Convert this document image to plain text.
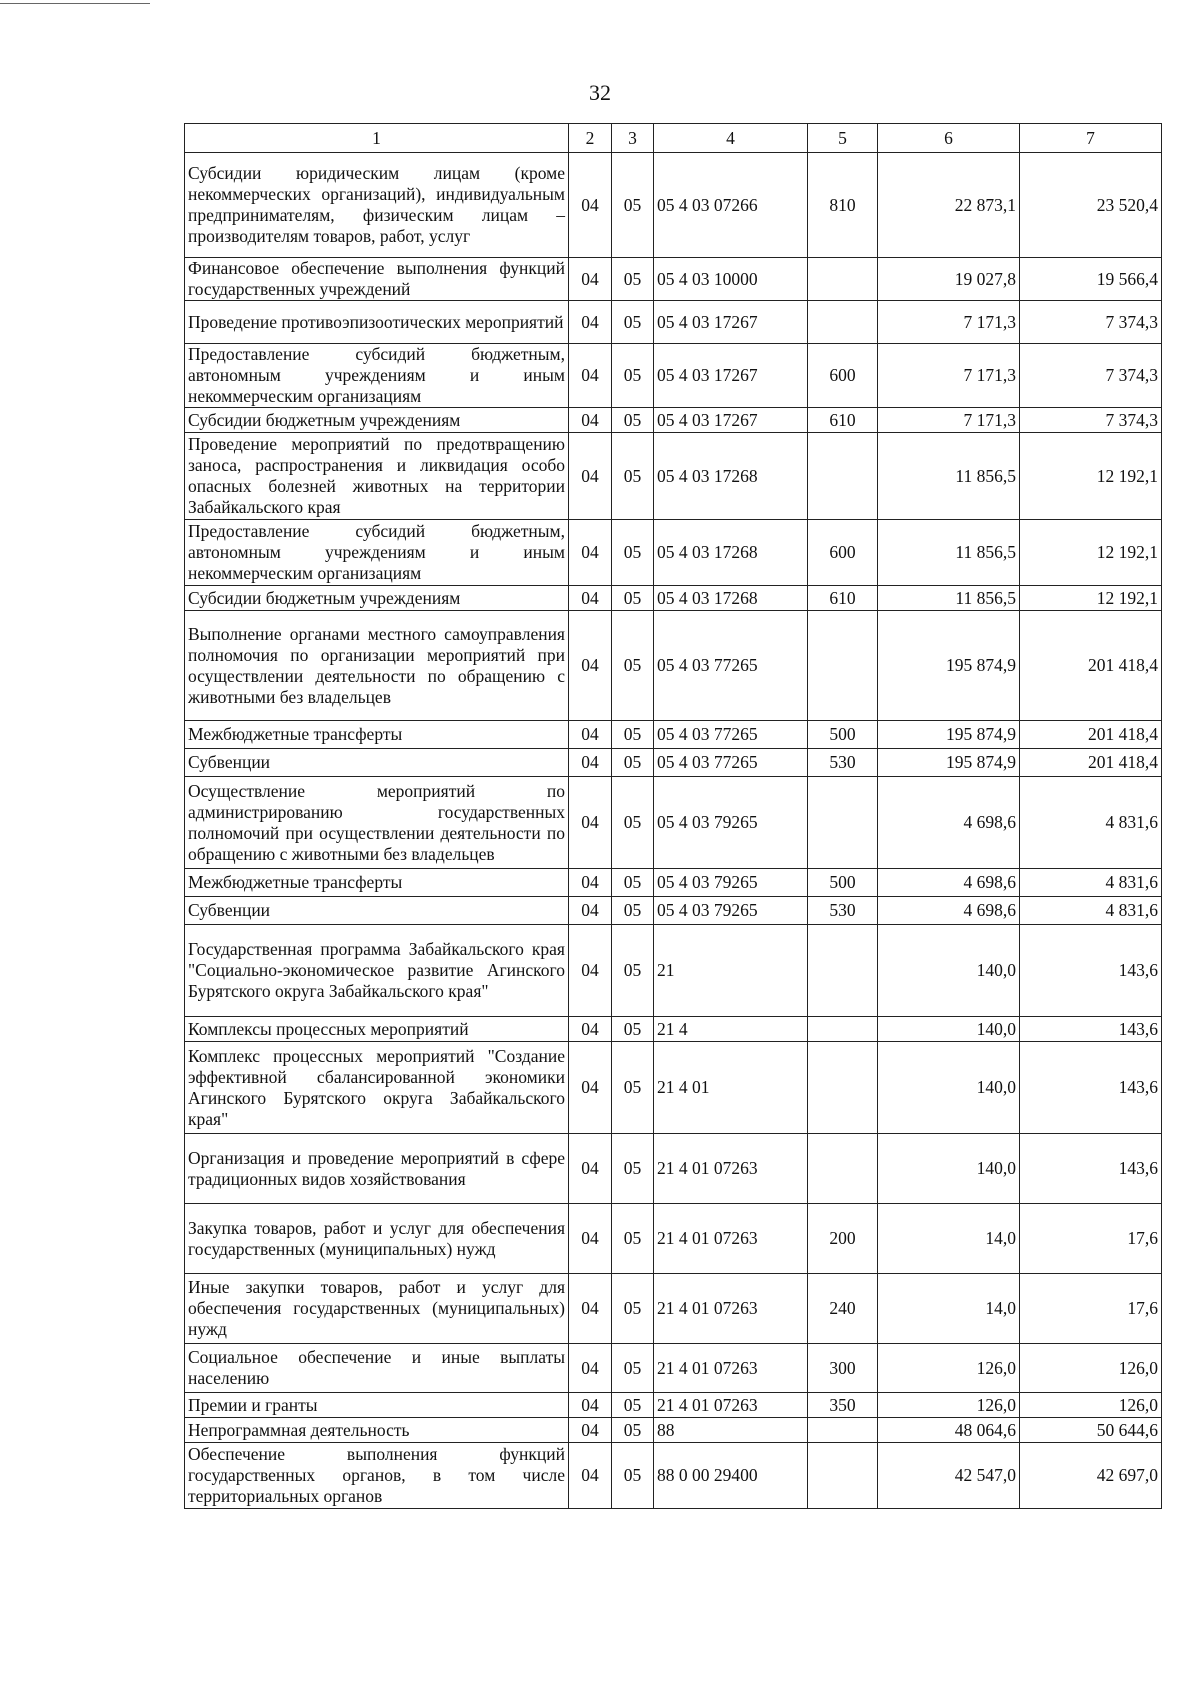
32
1	2	3	4	5	6	7
Субсидии юридическим лицам (кроме некоммерческих организаций), индивидуальным предпринимателям, физическим лицам – производителям товаров, работ, услуг	04	05	05 4 03 07266	810	22 873,1	23 520,4
Финансовое обеспечение выполнения функций государственных учреждений	04	05	05 4 03 10000		19 027,8	19 566,4
Проведение противоэпизоотических мероприятий	04	05	05 4 03 17267		7 171,3	7 374,3
Предоставление субсидий бюджетным, автономным учреждениям и иным некоммерческим организациям	04	05	05 4 03 17267	600	7 171,3	7 374,3
Субсидии бюджетным учреждениям	04	05	05 4 03 17267	610	7 171,3	7 374,3
Проведение мероприятий по предотвращению заноса, распространения и ликвидация особо опасных болезней животных на территории Забайкальского края	04	05	05 4 03 17268		11 856,5	12 192,1
Предоставление субсидий бюджетным, автономным учреждениям и иным некоммерческим организациям	04	05	05 4 03 17268	600	11 856,5	12 192,1
Субсидии бюджетным учреждениям	04	05	05 4 03 17268	610	11 856,5	12 192,1
Выполнение органами местного самоуправления полномочия по организации мероприятий при осуществлении деятельности по обращению с животными без владельцев	04	05	05 4 03 77265		195 874,9	201 418,4
Межбюджетные трансферты	04	05	05 4 03 77265	500	195 874,9	201 418,4
Субвенции	04	05	05 4 03 77265	530	195 874,9	201 418,4
Осуществление мероприятий по администрированию государственных полномочий при осуществлении деятельности по обращению с животными без владельцев	04	05	05 4 03 79265		4 698,6	4 831,6
Межбюджетные трансферты	04	05	05 4 03 79265	500	4 698,6	4 831,6
Субвенции	04	05	05 4 03 79265	530	4 698,6	4 831,6
Государственная программа Забайкальского края "Социально-экономическое развитие Агинского Бурятского округа Забайкальского края"	04	05	21		140,0	143,6
Комплексы процессных мероприятий	04	05	21 4		140,0	143,6
Комплекс процессных мероприятий "Создание эффективной сбалансированной экономики Агинского Бурятского округа Забайкальского края"	04	05	21 4 01		140,0	143,6
Организация и проведение мероприятий в сфере традиционных видов хозяйствования	04	05	21 4 01 07263		140,0	143,6
Закупка товаров, работ и услуг для обеспечения государственных (муниципальных) нужд	04	05	21 4 01 07263	200	14,0	17,6
Иные закупки товаров, работ и услуг для обеспечения государственных (муниципальных) нужд	04	05	21 4 01 07263	240	14,0	17,6
Социальное обеспечение и иные выплаты населению	04	05	21 4 01 07263	300	126,0	126,0
Премии и гранты	04	05	21 4 01 07263	350	126,0	126,0
Непрограммная деятельность	04	05	88		48 064,6	50 644,6
Обеспечение выполнения функций государственных органов, в том числе территориальных органов	04	05	88 0 00 29400		42 547,0	42 697,0
